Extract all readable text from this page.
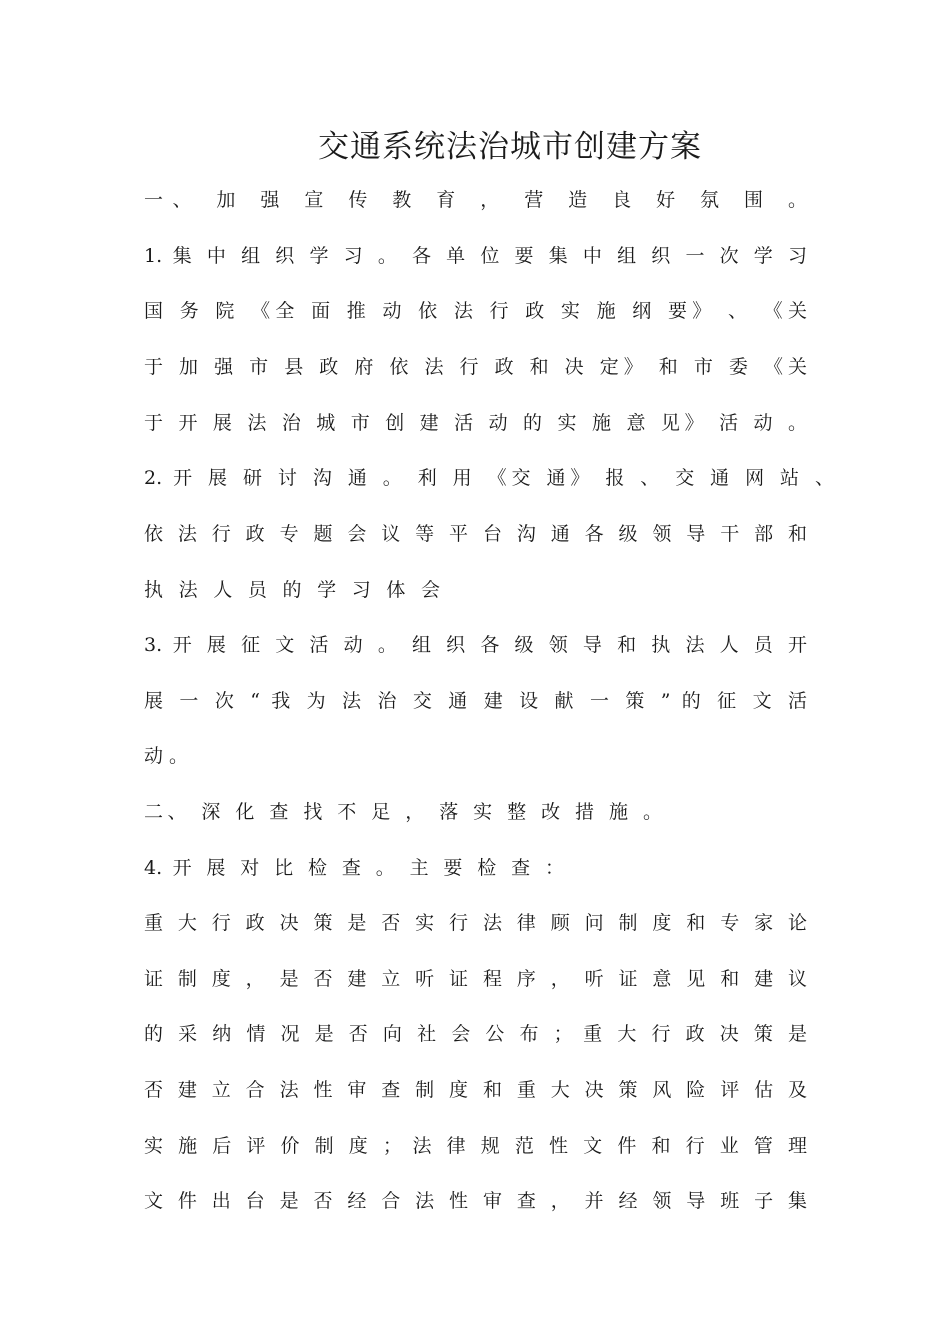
交通系统法治城市创建方案
一、 加 强 宣 传 教 育 ， 营 造 良 好 氛 围 。
1. 集 中 组 织 学 习 。 各 单 位 要 集 中 组 织 一 次 学 习
国 务 院 《全 面 推 动 依 法 行 政 实 施 纲 要》 、 《关
于 加 强 市 县 政 府 依 法 行 政 和 决 定》 和 市 委 《关
于 开 展 法 治 城 市 创 建 活 动 的 实 施 意 见》 活 动 。
2. 开 展 研 讨 沟 通 。 利 用 《交 通》 报 、 交 通 网 站 、
依 法 行 政 专 题 会 议 等 平 台 沟 通 各 级 领 导 干 部 和
执 法 人 员 的 学 习 体 会
3. 开 展 征 文 活 动 。 组 织 各 级 领 导 和 执 法 人 员 开
展 一 次 “ 我 为 法 治 交 通 建 设 献 一 策 ” 的 征 文 活
动 。
二、 深 化 查 找 不 足 ， 落 实 整 改 措 施 。
4. 开 展 对 比 检 查 。 主 要 检 查 ：
重 大 行 政 决 策 是 否 实 行 法 律 顾 问 制 度 和 专 家 论
证 制 度 ， 是 否 建 立 听 证 程 序 ， 听 证 意 见 和 建 议
的 采 纳 情 况 是 否 向 社 会 公 布 ； 重 大 行 政 决 策 是
否 建 立 合 法 性 审 查 制 度 和 重 大 决 策 风 险 评 估 及
实 施 后 评 价 制 度 ； 法 律 规 范 性 文 件 和 行 业 管 理
文 件 出 台 是 否 经 合 法 性 审 查 ， 并 经 领 导 班 子 集
